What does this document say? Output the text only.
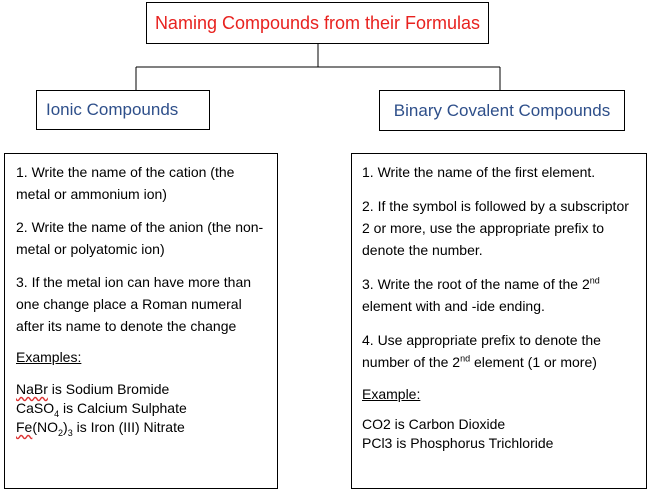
Naming Compounds from their Formulas
Ionic Compounds	Binary Covalent Compounds

1. Write the name of the cation (the metal or ammonium ion)

2. Write the name of the anion (the non-metal or polyatomic ion)

3. If the metal ion can have more than one change place a Roman numeral after its name to denote the change

Examples:

NaBr is Sodium Bromide

CaSO$_4$ is Calcium Sulphate

$Fe(NO_2)_3$ is Iron (III) Nitrate

1. Write the name of the first element.

2. If the symbol is followed by a subscriptor 2 or more, use the appropriate prefix to denote the number.

3. Write the root of the name of the 2nd element with and -ide ending.

4. Use appropriate prefix to denote the number of the 2nd element (1 or more)

Example:

CO2 is Carbon Dioxide

PCl3 is Phosphorus Trichloride
